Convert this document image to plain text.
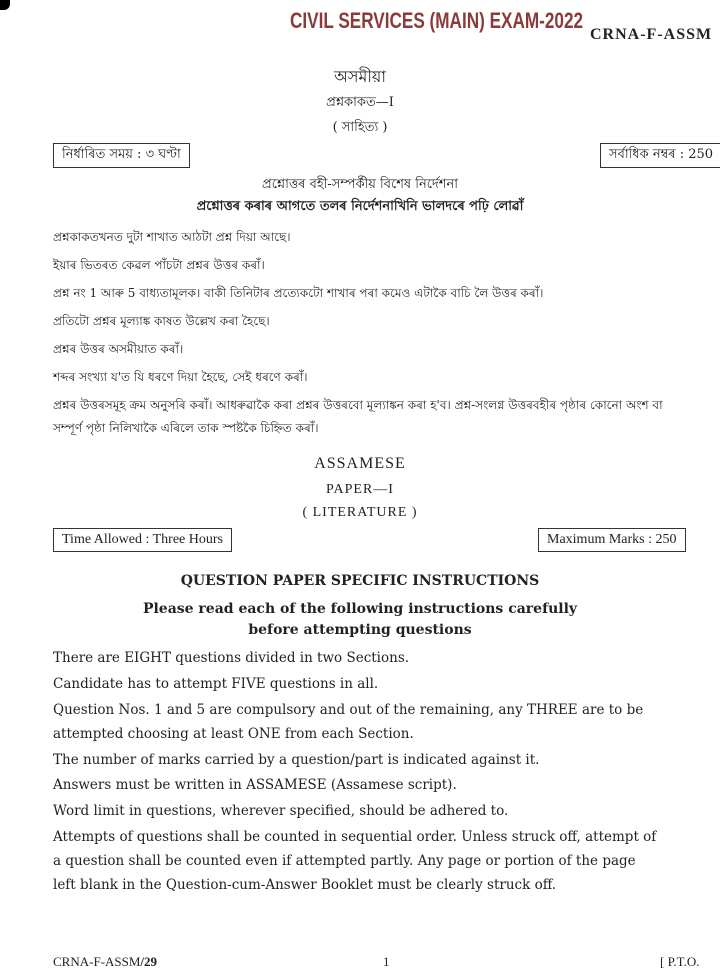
CIVIL SERVICES (MAIN) EXAM-2022
CRNA-F-ASSM
অসমীয়া
প্ৰশ্নকাকত—I
( সাহিত্য )
নিৰ্ধাৰিত সময় : ৩ ঘণ্টা	সৰ্বাধিক নম্বৰ : 250
প্ৰশ্নোত্তৰ বহী-সম্পৰ্কীয় বিশেষ নিৰ্দেশনা
প্ৰশ্নোত্তৰ কৰাৰ আগতে তলৰ নিৰ্দেশনাখিনি ভালদৰে পঢ়ি লোৱাঁ
প্ৰশ্নকাকতখনত দুটা শাখাত আঠটা প্ৰশ্ন দিয়া আছে।
ইয়াৰ ভিতৰত কেৱল পাঁচটা প্ৰশ্নৰ উত্তৰ কৰাঁ।
প্ৰশ্ন নং 1 আৰু 5 বাধ্যতামূলক। বাকী তিনিটাৰ প্ৰত্যেকটো শাখাৰ পৰা কমেও এটাকৈ বাচি লৈ উত্তৰ কৰাঁ।
প্ৰতিটো প্ৰশ্নৰ মূল্যাঙ্ক কাষত উল্লেখ কৰা হৈছে।
প্ৰশ্নৰ উত্তৰ অসমীয়াত কৰাঁ।
শব্দৰ সংখ্যা য'ত যি ধৰণে দিয়া হৈছে, সেই ধৰণে কৰাঁ।
প্ৰশ্নৰ উত্তৰসমূহ ক্ৰম অনুসৰি কৰাঁ। আধৰুৱাকৈ কৰা প্ৰশ্নৰ উত্তৰবো মূল্যাঙ্কন কৰা হ'ব। প্ৰশ্ন-সংলগ্ন উত্তৰবহীৰ পৃষ্ঠাৰ কোনো অংশ বা
সম্পূৰ্ণ পৃষ্ঠা নিলিখাকৈ এৰিলে তাক স্পষ্টকৈ চিহ্নিত কৰাঁ।
ASSAMESE
PAPER—I
( LITERATURE )
Time Allowed : Three Hours	Maximum Marks : 250
QUESTION PAPER SPECIFIC INSTRUCTIONS
Please read each of the following instructions carefully
before attempting questions
There are EIGHT questions divided in two Sections.
Candidate has to attempt FIVE questions in all.
Question Nos. 1 and 5 are compulsory and out of the remaining, any THREE are to be
attempted choosing at least ONE from each Section.
The number of marks carried by a question/part is indicated against it.
Answers must be written in ASSAMESE (Assamese script).
Word limit in questions, wherever specified, should be adhered to.
Attempts of questions shall be counted in sequential order. Unless struck off, attempt of
a question shall be counted even if attempted partly. Any page or portion of the page
left blank in the Question-cum-Answer Booklet must be clearly struck off.
CRNA-F-ASSM/29	1	[ P.T.O.
